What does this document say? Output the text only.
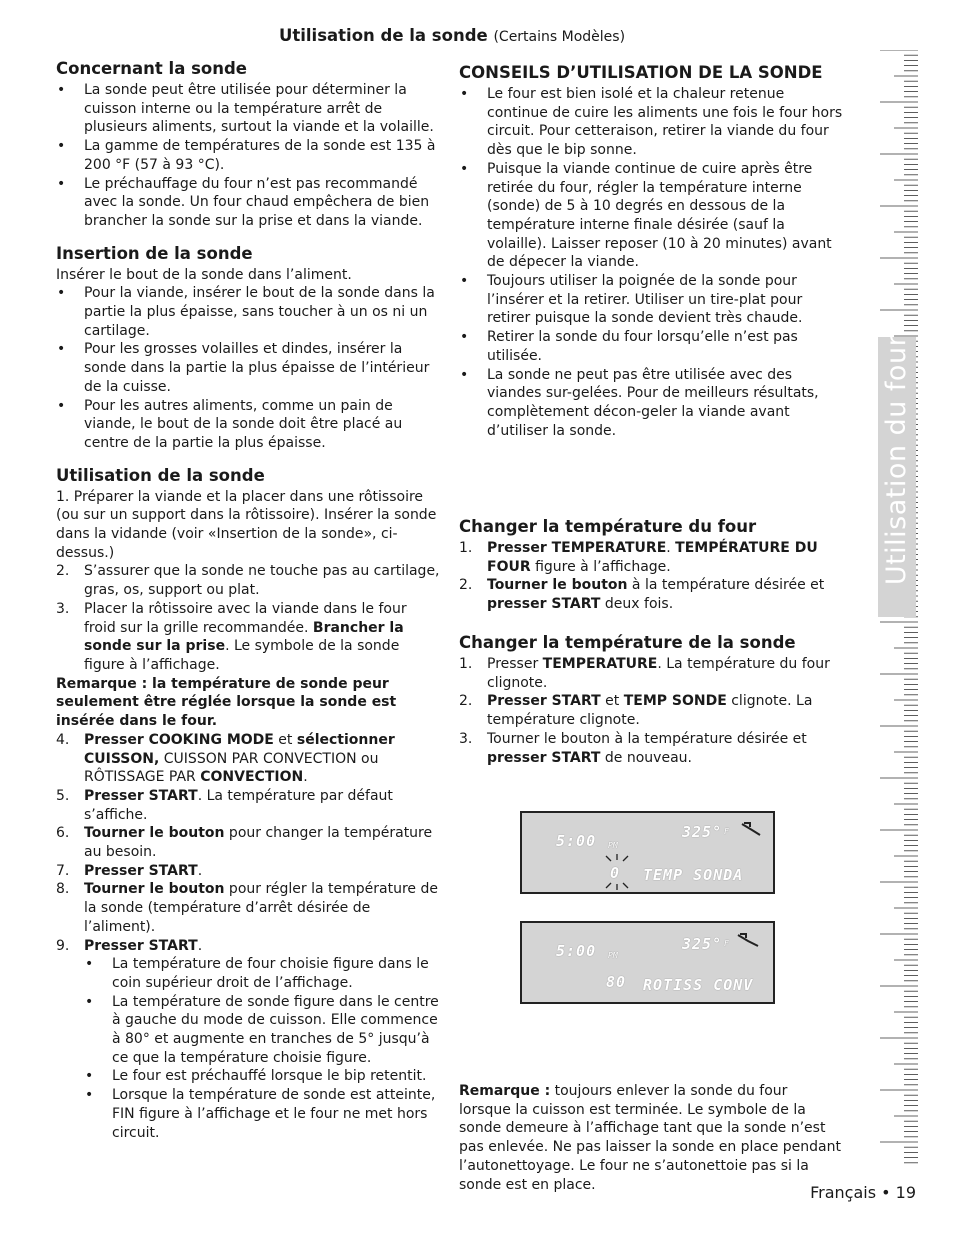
Utilisation de la sonde (Certains Modèles)
Concernant la sonde
• La sonde peut être utilisée pour déterminer la cuisson interne ou la température arrêt de plusieurs aliments, surtout la viande et la volaille.
• La gamme de températures de la sonde est 135 à 200 °F (57 à 93 °C).
• Le préchauffage du four n’est pas recommandé avec la sonde. Un four chaud empêchera de bien brancher la sonde sur la prise et dans la viande.
Insertion de la sonde

Insérer le bout de la sonde dans l’aliment.

• Pour la viande, insérer le bout de la sonde dans la partie la plus épaisse, sans toucher à un os ni un cartilage.
• Pour les grosses volailles et dindes, insérer la sonde dans la partie la plus épaisse de l’intérieur de la cuisse.
• Pour les autres aliments, comme un pain de viande, le bout de la sonde doit être placé au centre de la partie la plus épaisse.
Utilisation de la sonde
1. Préparer la viande et la placer dans une rôtissoire (ou sur un support dans la rôtissoire). Insérer la sonde dans la vidande (voir «Insertion de la sonde», ci-dessus.)
2. S’assurer que la sonde ne touche pas au cartilage, gras, os, support ou plat.
3. Placer la rôtissoire avec la viande dans le four froid sur la grille recommandée. Brancher la sonde sur la prise. Le symbole de la sonde figure à l’affichage.

Remarque : la température de sonde peur seulement être réglée lorsque la sonde est insérée dans le four.

4. Presser COOKING MODE et sélectionner CUISSON, CUISSON PAR CONVECTION ou RÔTISSAGE PAR CONVECTION.
5. Presser START. La température par défaut s’affiche.
6. Tourner le bouton pour changer la température au besoin.
7. Presser START.
8. Tourner le bouton pour régler la température de la sonde (température d’arrêt désirée de l’aliment).
9. Presser START.
• La température de four choisie figure dans le coin supérieur droit de l’affichage.
• La température de sonde figure dans le centre à gauche du mode de cuisson. Elle commence à 80° et augmente en tranches de 5° jusqu’à ce que la température choisie figure.
• Le four est préchauffé lorsque le bip retentit.
• Lorsque la température de sonde est atteinte, FIN figure à l’affichage et le four ne met hors circuit.
CONSEILS D’UTILISATION DE LA SONDE
• Le four est bien isolé et la chaleur retenue continue de cuire les aliments une fois le four hors circuit. Pour cetteraison, retirer la viande du four dès que le bip sonne.
• Puisque la viande continue de cuire après être retirée du four, régler la température interne (sonde) de 5 à 10 degrés en dessous de la température interne finale désirée (sauf la volaille). Laisser reposer (10 à 20 minutes) avant de dépecer la viande.
• Toujours utiliser la poignée de la sonde pour l’insérer et la retirer. Utiliser un tire-plat pour retirer puisque la sonde devient très chaude.
• Retirer la sonde du four lorsqu’elle n’est pas utilisée.
• La sonde ne peut pas être utilisée avec des viandes sur-gelées. Pour de meilleurs résultats, complètement décon-geler la viande avant d’utiliser la sonde.
Changer la température du four
1. Presser TEMPERATURE. TEMPÉRATURE DU FOUR figure à l’affichage.
2. Tourner le bouton à la température désirée et presser START deux fois.
Changer la température de la sonde
1. Presser TEMPERATURE. La température du four clignote.
2. Presser START et TEMP SONDE clignote. La température clignote.
3. Tourner le bouton à la température désirée et presser START de nouveau.
5:00 PM
325° F
0 TEMP SONDA
5:00 PM
325° F
80 ROTISS CONV

Remarque : toujours enlever la sonde du four lorsque la cuisson est terminée. Le symbole de la sonde demeure à l’affichage tant que la sonde n’est pas enlevée. Ne pas laisser la sonde en place pendant l’autonettoyage. Le four ne s’autonettoie pas si la sonde est en place.

Utilisation du four
Français • 19
